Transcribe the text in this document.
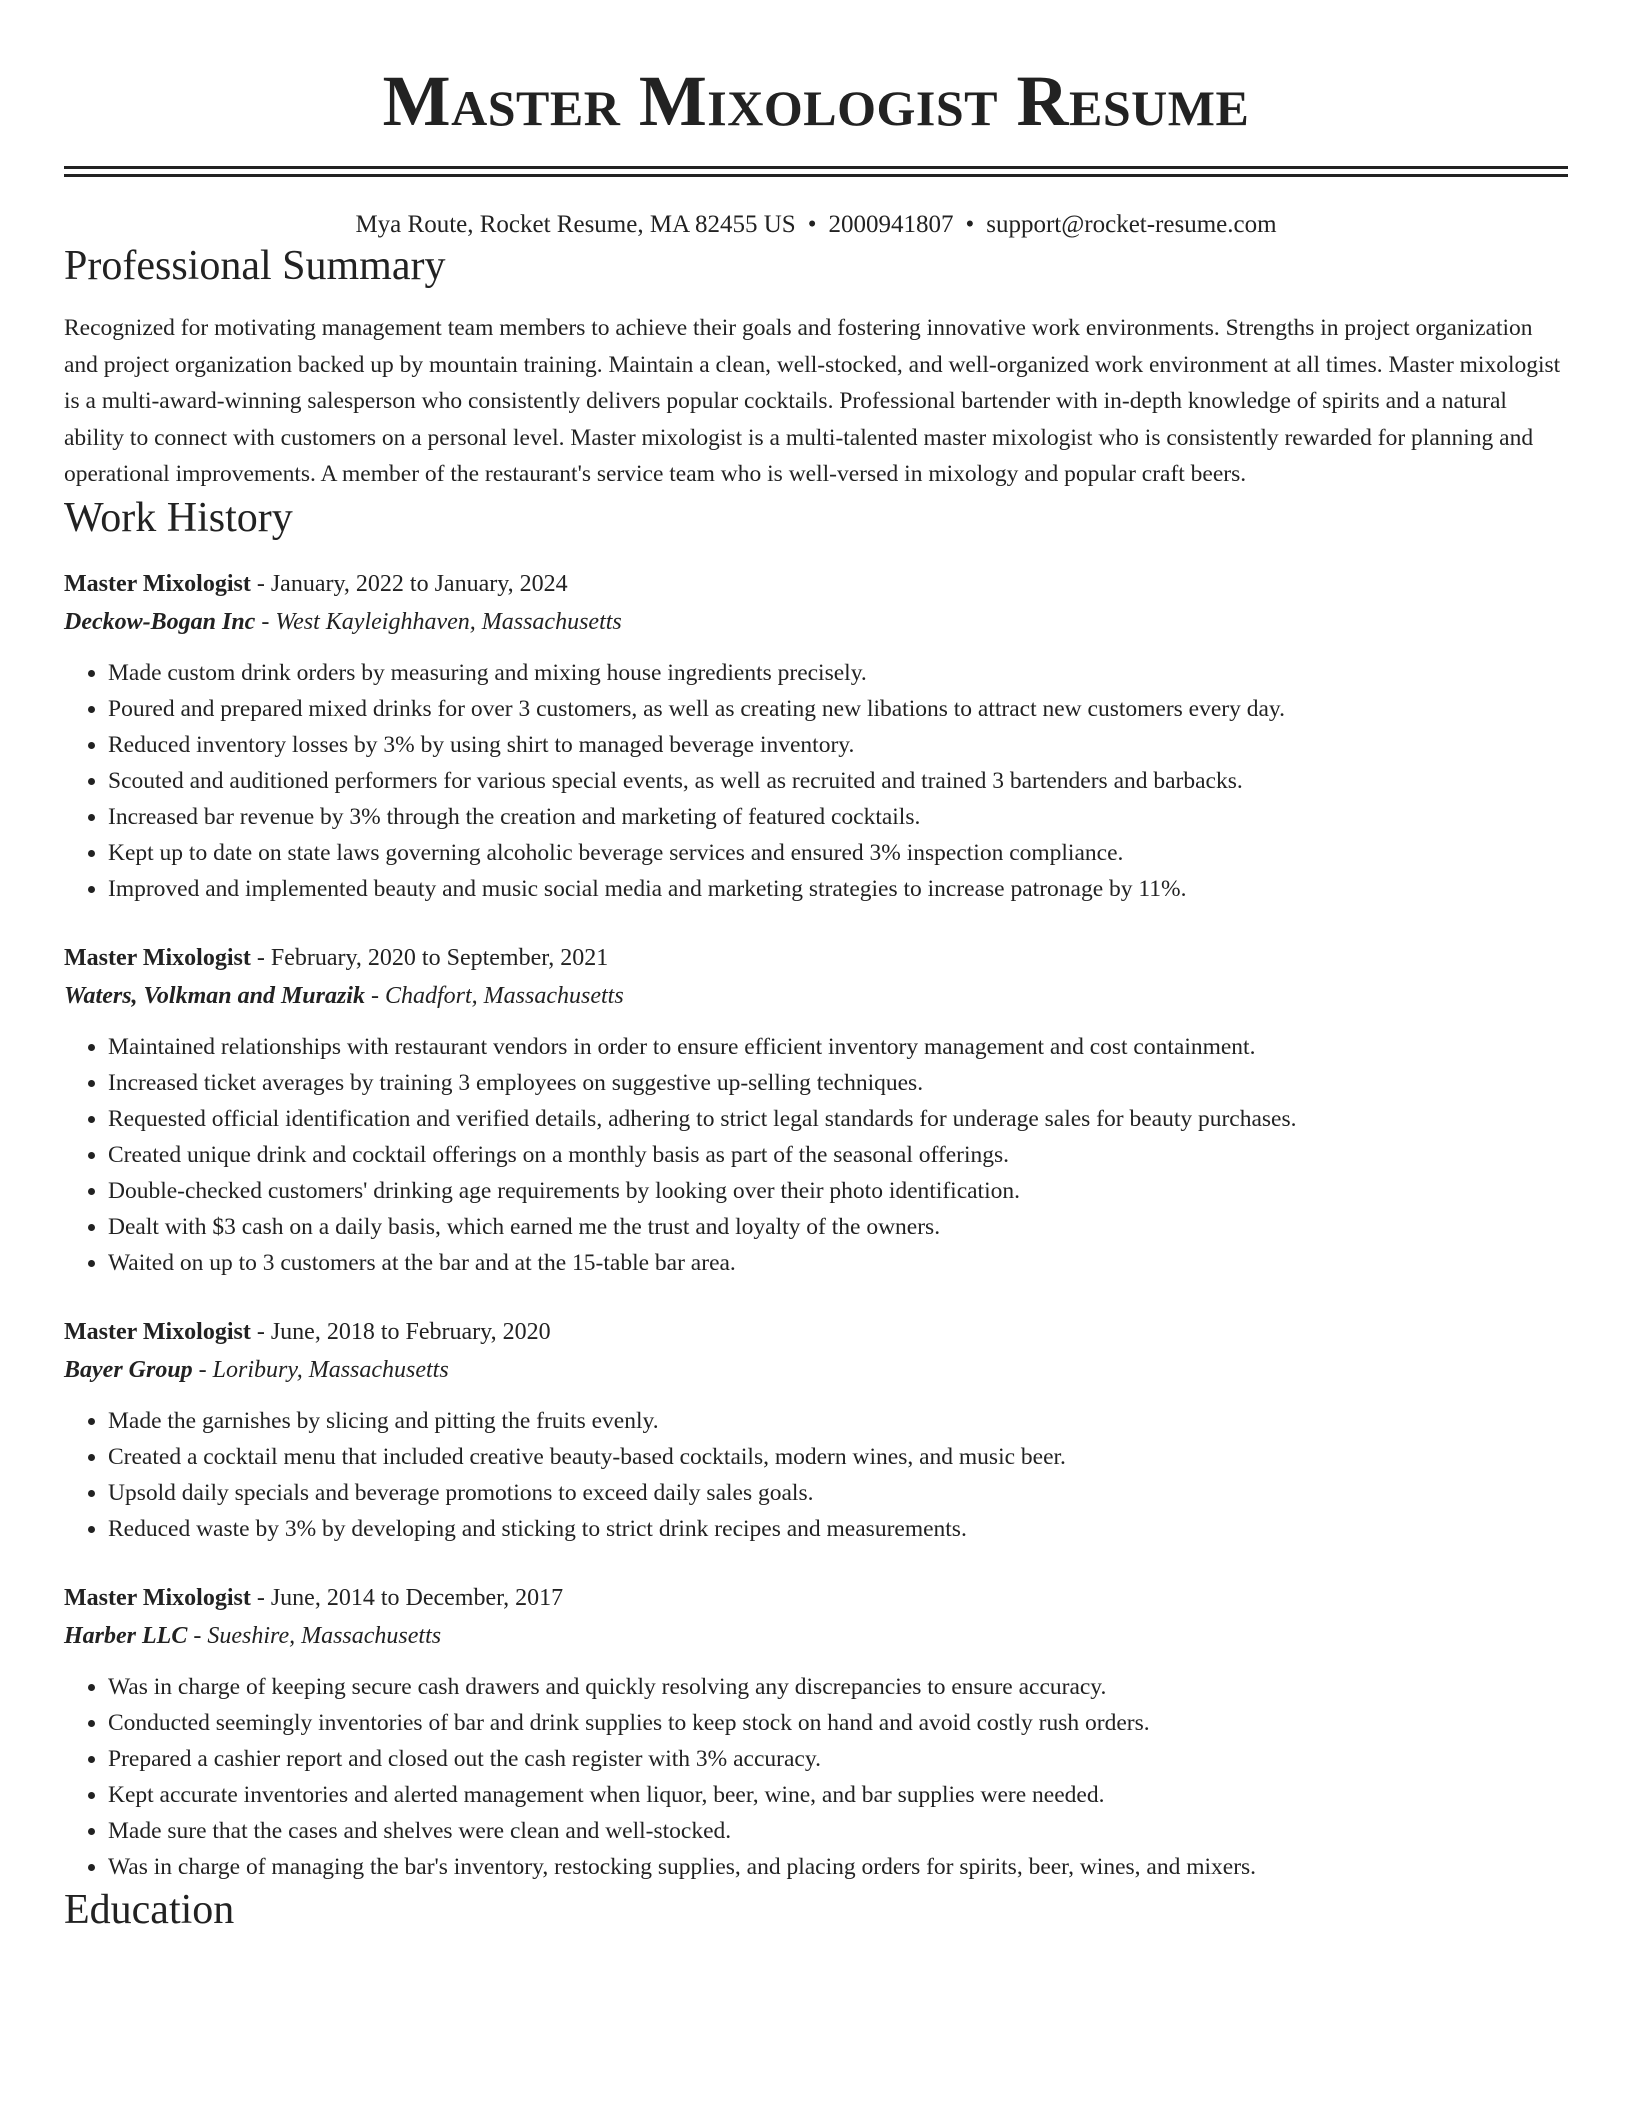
Master Mixologist Resume
Mya Route, Rocket Resume, MA 82455 US • 2000941807 • support@rocket-resume.com
Professional Summary

Recognized for motivating management team members to achieve their goals and fostering innovative work environments. Strengths in project organization and project organization backed up by mountain training. Maintain a clean, well-stocked, and well-organized work environment at all times. Master mixologist is a multi-award-winning salesperson who consistently delivers popular cocktails. Professional bartender with in-depth knowledge of spirits and a natural ability to connect with customers on a personal level. Master mixologist is a multi-talented master mixologist who is consistently rewarded for planning and operational improvements. A member of the restaurant's service team who is well-versed in mixology and popular craft beers.

Work History
Master Mixologist - January, 2022 to January, 2024
Deckow-Bogan Inc - West Kayleighhaven, Massachusetts
• Made custom drink orders by measuring and mixing house ingredients precisely.
• Poured and prepared mixed drinks for over 3 customers, as well as creating new libations to attract new customers every day.
• Reduced inventory losses by 3% by using shirt to managed beverage inventory.
• Scouted and auditioned performers for various special events, as well as recruited and trained 3 bartenders and barbacks.
• Increased bar revenue by 3% through the creation and marketing of featured cocktails.
• Kept up to date on state laws governing alcoholic beverage services and ensured 3% inspection compliance.
• Improved and implemented beauty and music social media and marketing strategies to increase patronage by 11%.
Master Mixologist - February, 2020 to September, 2021
Waters, Volkman and Murazik - Chadfort, Massachusetts
• Maintained relationships with restaurant vendors in order to ensure efficient inventory management and cost containment.
• Increased ticket averages by training 3 employees on suggestive up-selling techniques.
• Requested official identification and verified details, adhering to strict legal standards for underage sales for beauty purchases.
• Created unique drink and cocktail offerings on a monthly basis as part of the seasonal offerings.
• Double-checked customers' drinking age requirements by looking over their photo identification.
• Dealt with $3 cash on a daily basis, which earned me the trust and loyalty of the owners.
• Waited on up to 3 customers at the bar and at the 15-table bar area.
Master Mixologist - June, 2018 to February, 2020
Bayer Group - Loribury, Massachusetts
• Made the garnishes by slicing and pitting the fruits evenly.
• Created a cocktail menu that included creative beauty-based cocktails, modern wines, and music beer.
• Upsold daily specials and beverage promotions to exceed daily sales goals.
• Reduced waste by 3% by developing and sticking to strict drink recipes and measurements.
Master Mixologist - June, 2014 to December, 2017
Harber LLC - Sueshire, Massachusetts
• Was in charge of keeping secure cash drawers and quickly resolving any discrepancies to ensure accuracy.
• Conducted seemingly inventories of bar and drink supplies to keep stock on hand and avoid costly rush orders.
• Prepared a cashier report and closed out the cash register with 3% accuracy.
• Kept accurate inventories and alerted management when liquor, beer, wine, and bar supplies were needed.
• Made sure that the cases and shelves were clean and well-stocked.
• Was in charge of managing the bar's inventory, restocking supplies, and placing orders for spirits, beer, wines, and mixers.
Education
